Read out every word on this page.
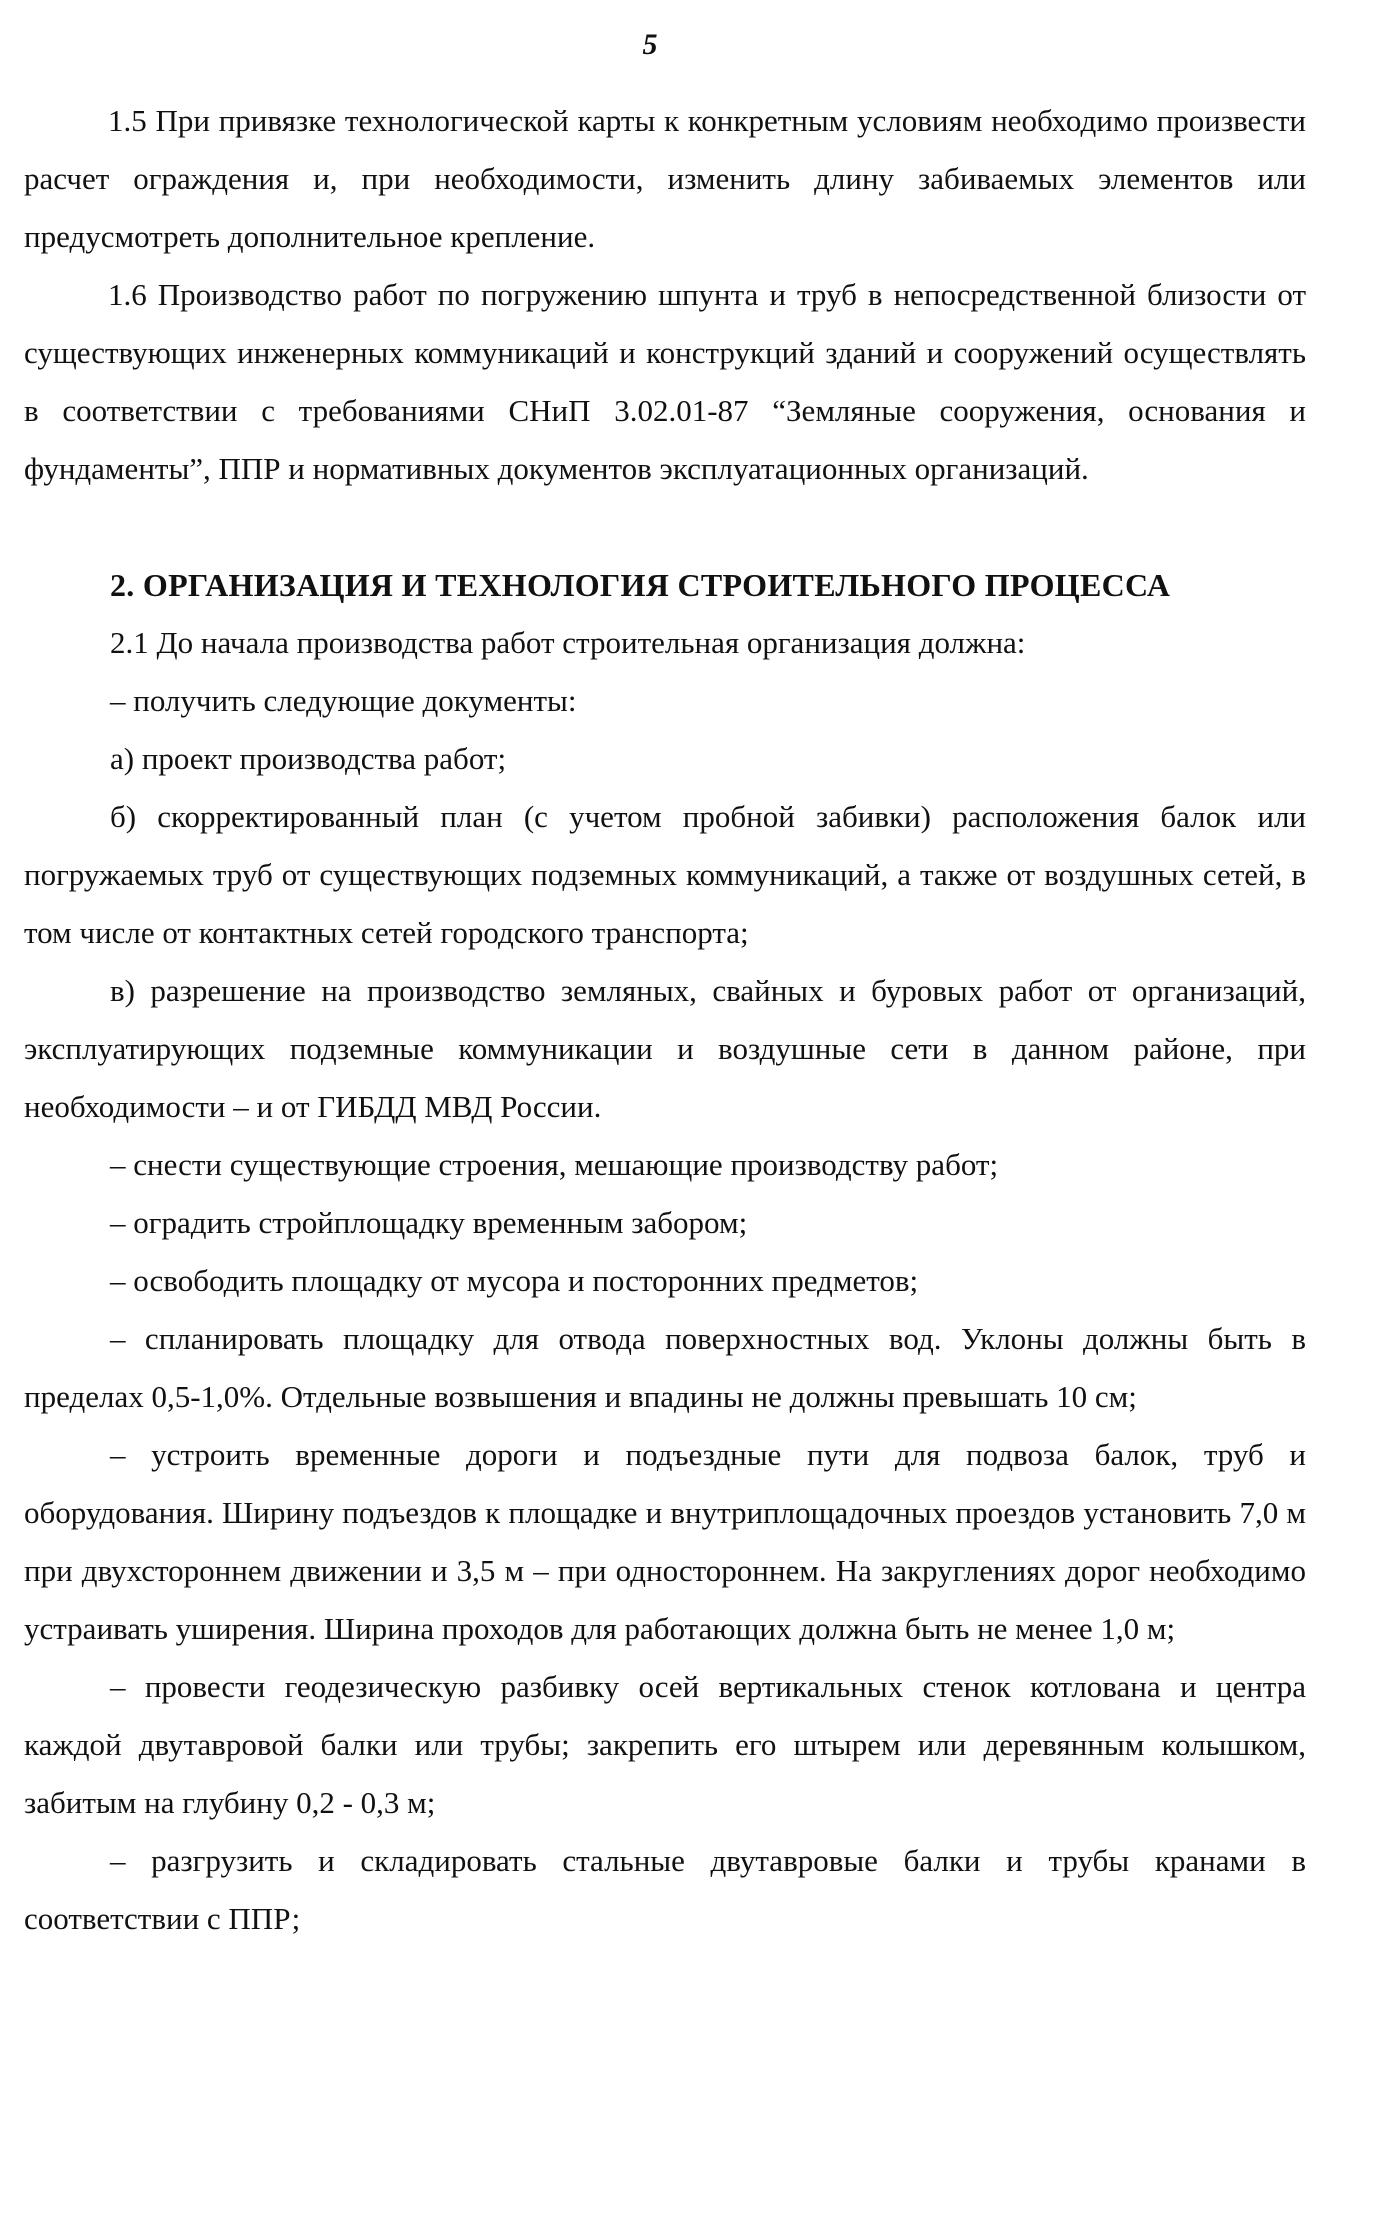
5

1.5 При привязке технологической карты к конкретным условиям необходимо произвести расчет ограждения и, при необходимости, изменить длину забиваемых элементов или предусмотреть дополнительное крепление.

1.6 Производство работ по погружению шпунта и труб в непосредственной близости от существующих инженерных коммуникаций и конструкций зданий и сооружений осуществлять в соответствии с требованиями СНиП 3.02.01-87 “Земляные сооружения, основания и фундаменты”, ППР и нормативных документов эксплуатационных организаций.

2. ОРГАНИЗАЦИЯ И ТЕХНОЛОГИЯ СТРОИТЕЛЬНОГО ПРОЦЕССА

2.1 До начала производства работ строительная организация должна:

– получить следующие документы:

а) проект производства работ;

б) скорректированный план (с учетом пробной забивки) расположения балок или погружаемых труб от существующих подземных коммуникаций, а также от воздушных сетей, в том числе от контактных сетей городского транспорта;

в) разрешение на производство земляных, свайных и буровых работ от организаций, эксплуатирующих подземные коммуникации и воздушные сети в данном районе, при необходимости – и от ГИБДД МВД России.

– снести существующие строения, мешающие производству работ;

– оградить стройплощадку временным забором;

– освободить площадку от мусора и посторонних предметов;

– спланировать площадку для отвода поверхностных вод. Уклоны должны быть в пределах 0,5-1,0%. Отдельные возвышения и впадины не должны превышать 10 см;

– устроить временные дороги и подъездные пути для подвоза балок, труб и оборудования. Ширину подъездов к площадке и внутриплощадочных проездов установить 7,0 м при двухстороннем движении и 3,5 м – при одностороннем. На закруглениях дорог необходимо устраивать уширения. Ширина проходов для работающих должна быть не менее 1,0 м;

– провести геодезическую разбивку осей вертикальных стенок котлована и центра каждой двутавровой балки или трубы; закрепить его штырем или деревянным колышком, забитым на глубину 0,2 - 0,3 м;

– разгрузить и складировать стальные двутавровые балки и трубы кранами в соответствии с ППР;
